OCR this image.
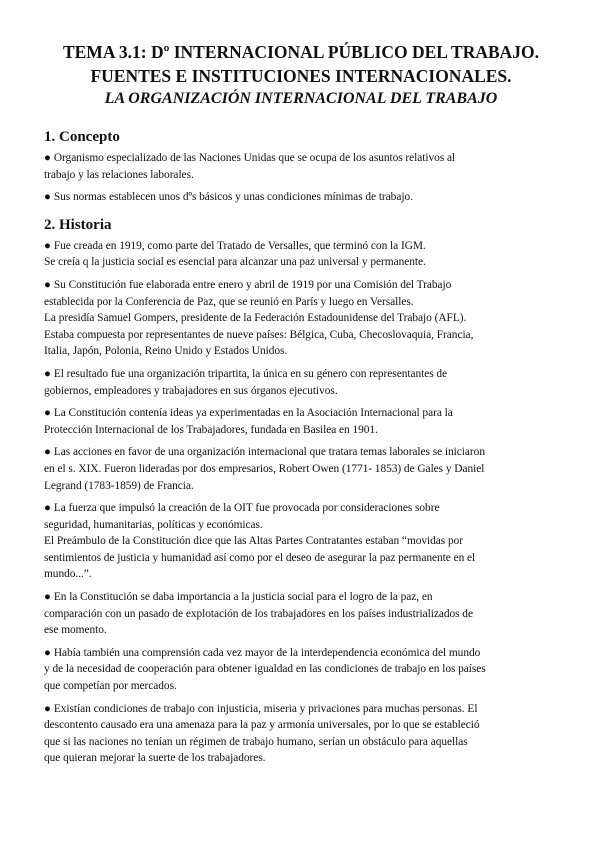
TEMA 3.1: Dº INTERNACIONAL PÚBLICO DEL TRABAJO.
FUENTES E INSTITUCIONES INTERNACIONALES.
LA ORGANIZACIÓN INTERNACIONAL DEL TRABAJO
1. Concepto

● Organismo especializado de las Naciones Unidas que se ocupa de los asuntos relativos al
trabajo y las relaciones laborales.

● Sus normas establecen unos dºs básicos y unas condiciones mínimas de trabajo.

2. Historia

● Fue creada en 1919, como parte del Tratado de Versalles, que terminó con la IGM.
Se creía q la justicia social es esencial para alcanzar una paz universal y permanente.

● Su Constitución fue elaborada entre enero y abril de 1919 por una Comisión del Trabajo
establecida por la Conferencia de Paz, que se reunió en París y luego en Versalles.
La presidía Samuel Gompers, presidente de la Federación Estadounidense del Trabajo (AFL).
Estaba compuesta por representantes de nueve países: Bélgica, Cuba, Checoslovaquia, Francia,
Italia, Japón, Polonia, Reino Unido y Estados Unidos.

● El resultado fue una organización tripartita, la única en su género con representantes de
gobiernos, empleadores y trabajadores en sus órganos ejecutivos.

● La Constitución contenía ideas ya experimentadas en la Asociación Internacional para la
Protección Internacional de los Trabajadores, fundada en Basilea en 1901.

● Las acciones en favor de una organización internacional que tratara temas laborales se iniciaron
en el s. XIX. Fueron lideradas por dos empresarios, Robert Owen (1771- 1853) de Gales y Daniel
Legrand (1783-1859) de Francia.

● La fuerza que impulsó la creación de la OIT fue provocada por consideraciones sobre
seguridad, humanitarias, políticas y económicas.
El Preámbulo de la Constitución dice que las Altas Partes Contratantes estaban “movidas por
sentimientos de justicia y humanidad así como por el deseo de asegurar la paz permanente en el
mundo...”.

● En la Constitución se daba importancia a la justicia social para el logro de la paz, en
comparación con un pasado de explotación de los trabajadores en los países industrializados de
ese momento.

● Había también una comprensión cada vez mayor de la interdependencia económica del mundo
y de la necesidad de cooperación para obtener igualdad en las condiciones de trabajo en los países
que competían por mercados.

● Existían condiciones de trabajo con injusticia, miseria y privaciones para muchas personas. El
descontento causado era una amenaza para la paz y armonía universales, por lo que se estableció
que si las naciones no tenían un régimen de trabajo humano, serían un obstáculo para aquellas
que quieran mejorar la suerte de los trabajadores.
